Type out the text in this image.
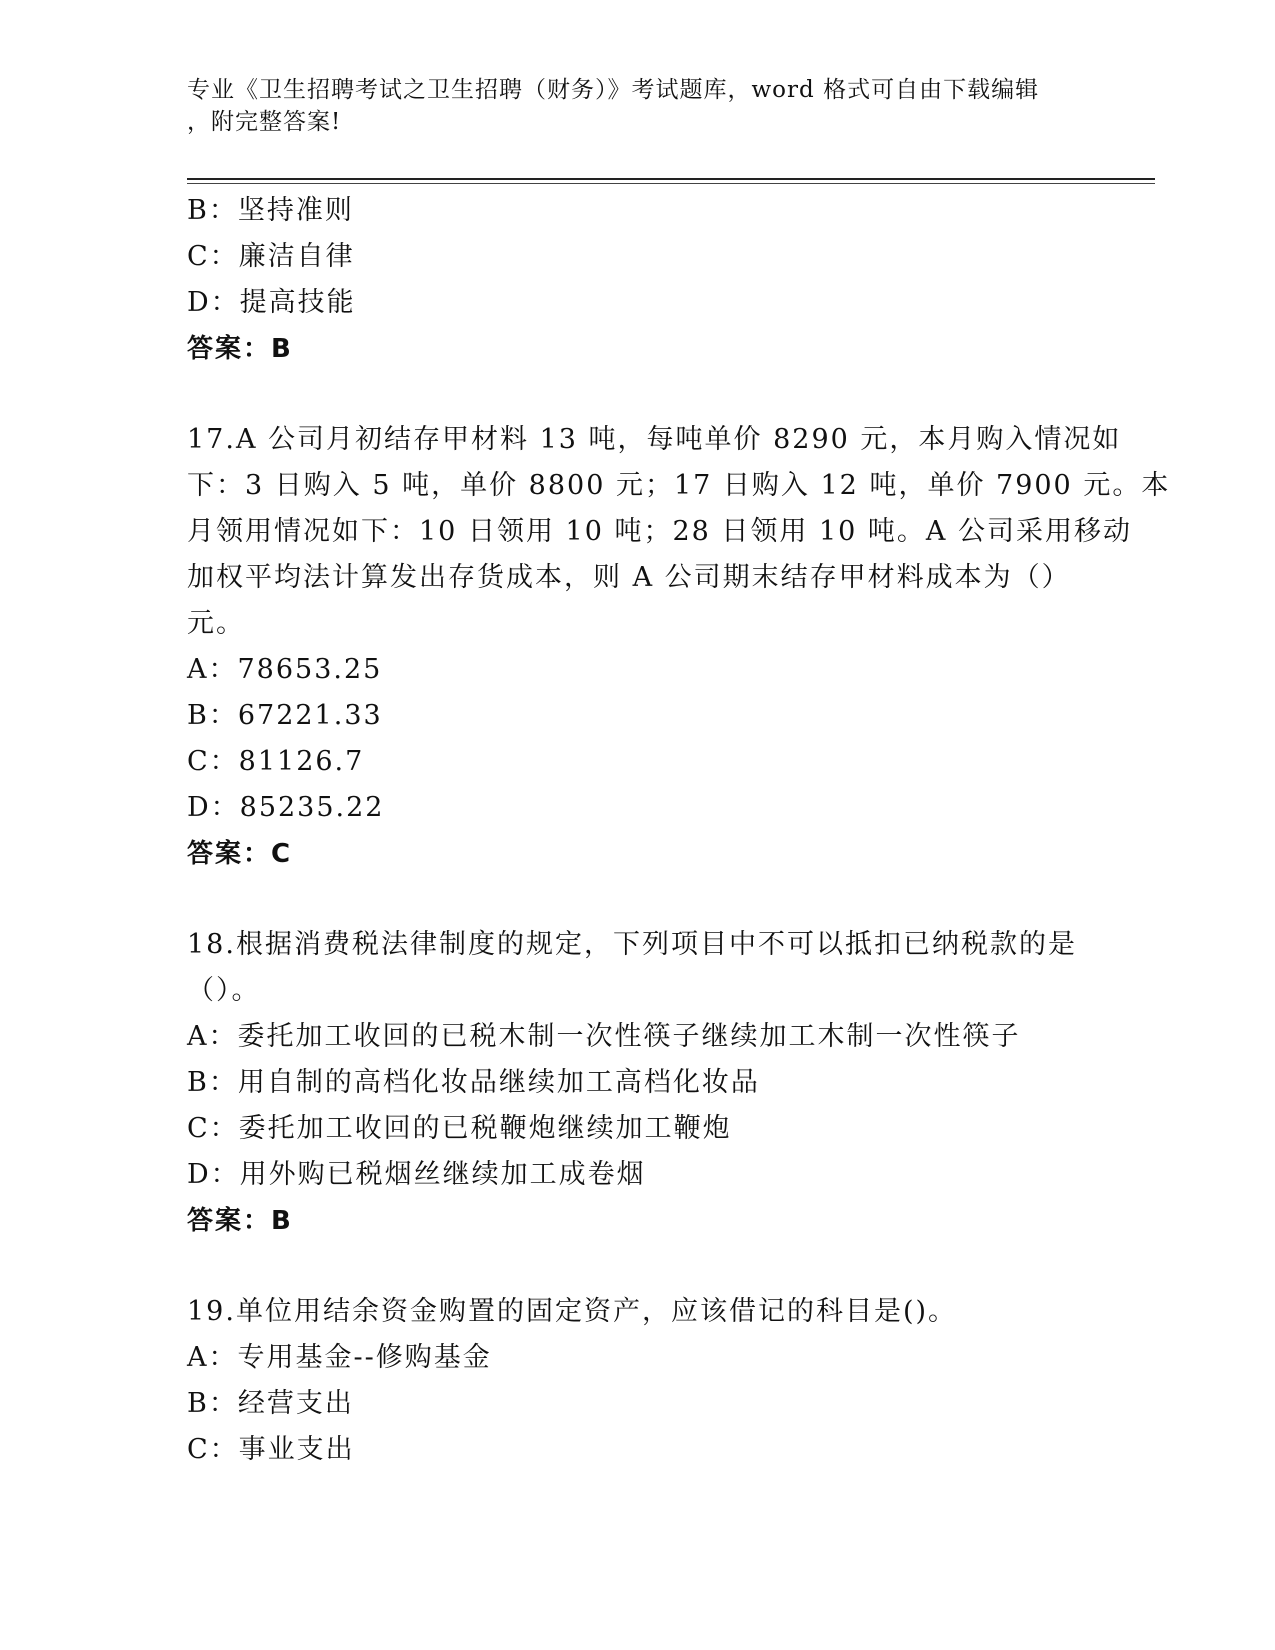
专业《卫生招聘考试之卫生招聘（财务）》考试题库，word 格式可自由下载编辑
，附完整答案!
B：坚持准则
C：廉洁自律
D：提高技能
答案：B
17.A 公司月初结存甲材料 13 吨，每吨单价 8290 元，本月购入情况如
下：3 日购入 5 吨，单价 8800 元；17 日购入 12 吨，单价 7900 元。本
月领用情况如下：10 日领用 10 吨；28 日领用 10 吨。A 公司采用移动
加权平均法计算发出存货成本，则 A 公司期末结存甲材料成本为（）
元。
A：78653.25
B：67221.33
C：81126.7
D：85235.22
答案：C
18.根据消费税法律制度的规定，下列项目中不可以抵扣已纳税款的是
（）。
A：委托加工收回的已税木制一次性筷子继续加工木制一次性筷子
B：用自制的高档化妆品继续加工高档化妆品
C：委托加工收回的已税鞭炮继续加工鞭炮
D：用外购已税烟丝继续加工成卷烟
答案：B
19.单位用结余资金购置的固定资产，应该借记的科目是()。
A：专用基金--修购基金
B：经营支出
C：事业支出
